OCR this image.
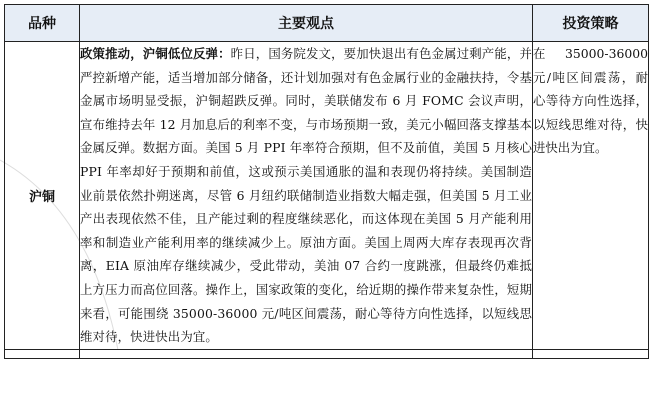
品种	主要观点	投资策略
沪铜	政策推动，沪铜低位反弹：昨日，国务院发文，要加快退出有色金属过剩产能，并严控新增产能，适当增加部分储备，还计划加强对有色金属行业的金融扶持，令基金属市场明显受振，沪铜超跌反弹。同时，美联储发布 6 月 FOMC 会议声明，宣布维持去年 12 月加息后的利率不变，与市场预期一致，美元小幅回落支撑基本金属反弹。数据方面。美国 5 月 PPI 年率符合预期，但不及前值，美国 5 月核心 PPI 年率却好于预期和前值，这或预示美国通胀的温和表现仍将持续。美国制造业前景依然扑朔迷离，尽管 6 月纽约联储制造业指数大幅走强，但美国 5 月工业产出表现依然不佳，且产能过剩的程度继续恶化，而这体现在美国 5 月产能利用率和制造业产能利用率的继续减少上。原油方面。美国上周两大库存表现再次背离，EIA 原油库存继续减少，受此带动，美油 07 合约一度跳涨，但最终仍难抵上方压力而高位回落。操作上，国家政策的变化，给近期的操作带来复杂性，短期来看，可能围绕 35000-36000 元/吨区间震荡，耐心等待方向性选择，以短线思维对待，快进快出为宜。	在 35000-36000 元/吨区间震荡，耐心等待方向性选择，以短线思维对待，快进快出为宜。
